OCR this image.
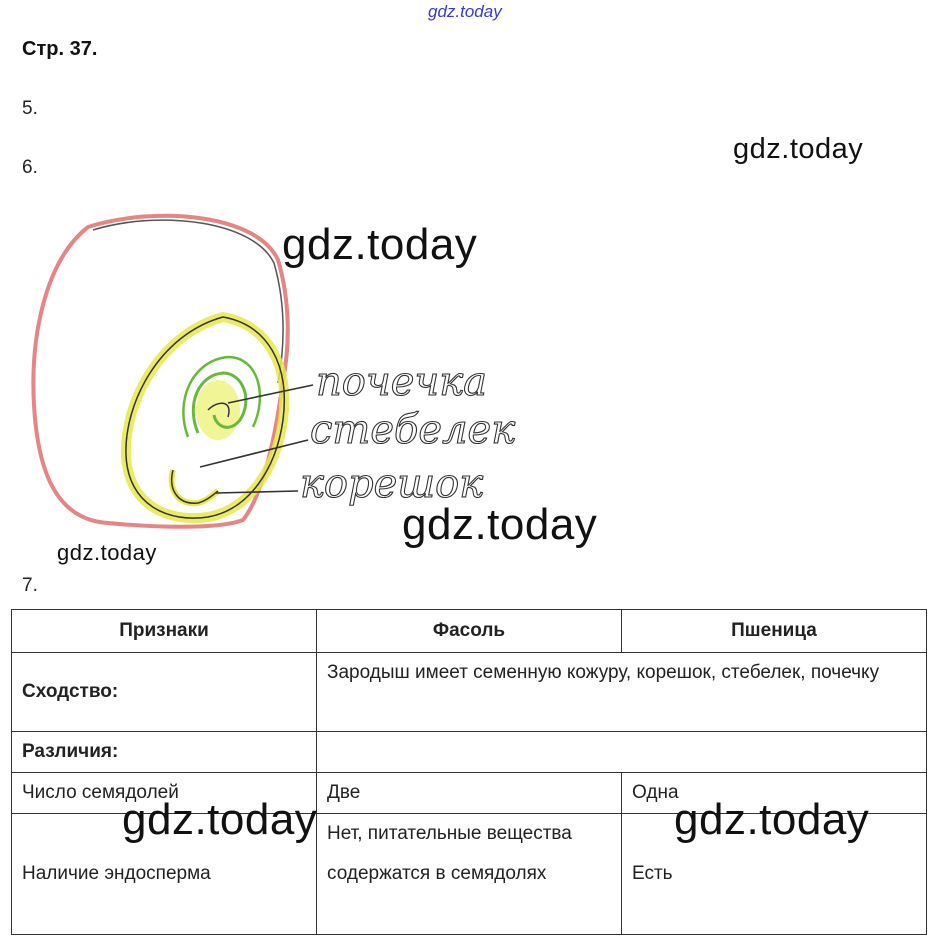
gdz.today
Стр. 37.
5.
6.
gdz.today
почечка
стебелек
корешок
gdz.today
gdz.today
gdz.today
7.
Признаки	Фасоль	Пшеница
Сходство:	Зародыш имеет семенную кожуру, корешок, стебелек, почечку	
Различия:		
Число семядолей	Две	Одна
Наличие эндосперма	Нет, питательные вещества содержатся в семядолях	Есть
gdz.today	gdz.today
